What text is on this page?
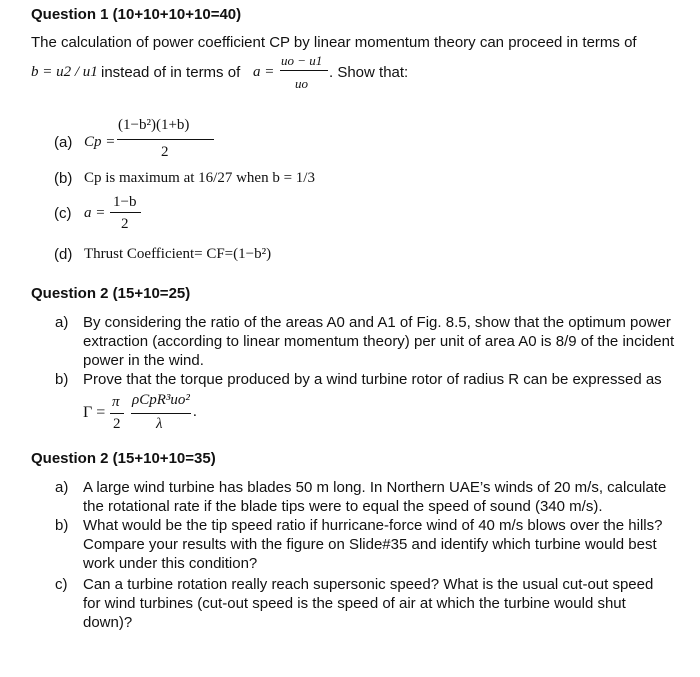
Question 1 (10+10+10+10=40)
The calculation of power coefficient CP by linear momentum theory can proceed in terms of
b = u2 / u1 instead of in terms of a =
uo − u1
uo
. Show that:
(a) Cp =
(1−b²)(1+b)
2
(b) Cp is maximum at 16/27 when b = 1/3
(c) a =
1−b
2
(d) Thrust Coefficient= CF=(1−b²)
Question 2 (15+10=25)
a) By considering the ratio of the areas A0 and A1 of Fig. 8.5, show that the optimum power
extraction (according to linear momentum theory) per unit of area A0 is 8/9 of the incident
power in the wind.
b) Prove that the torque produced by a wind turbine rotor of radius R can be expressed as
Γ =
π
2
ρCpR³uo²
λ
.
Question 2 (15+10+10=35)
a) A large wind turbine has blades 50 m long. In Northern UAE’s winds of 20 m/s, calculate
the rotational rate if the blade tips were to equal the speed of sound (340 m/s).
b) What would be the tip speed ratio if hurricane-force wind of 40 m/s blows over the hills?
Compare your results with the figure on Slide#35 and identify which turbine would best
work under this condition?
c) Can a turbine rotation really reach supersonic speed? What is the usual cut-out speed
for wind turbines (cut-out speed is the speed of air at which the turbine would shut
down)?
